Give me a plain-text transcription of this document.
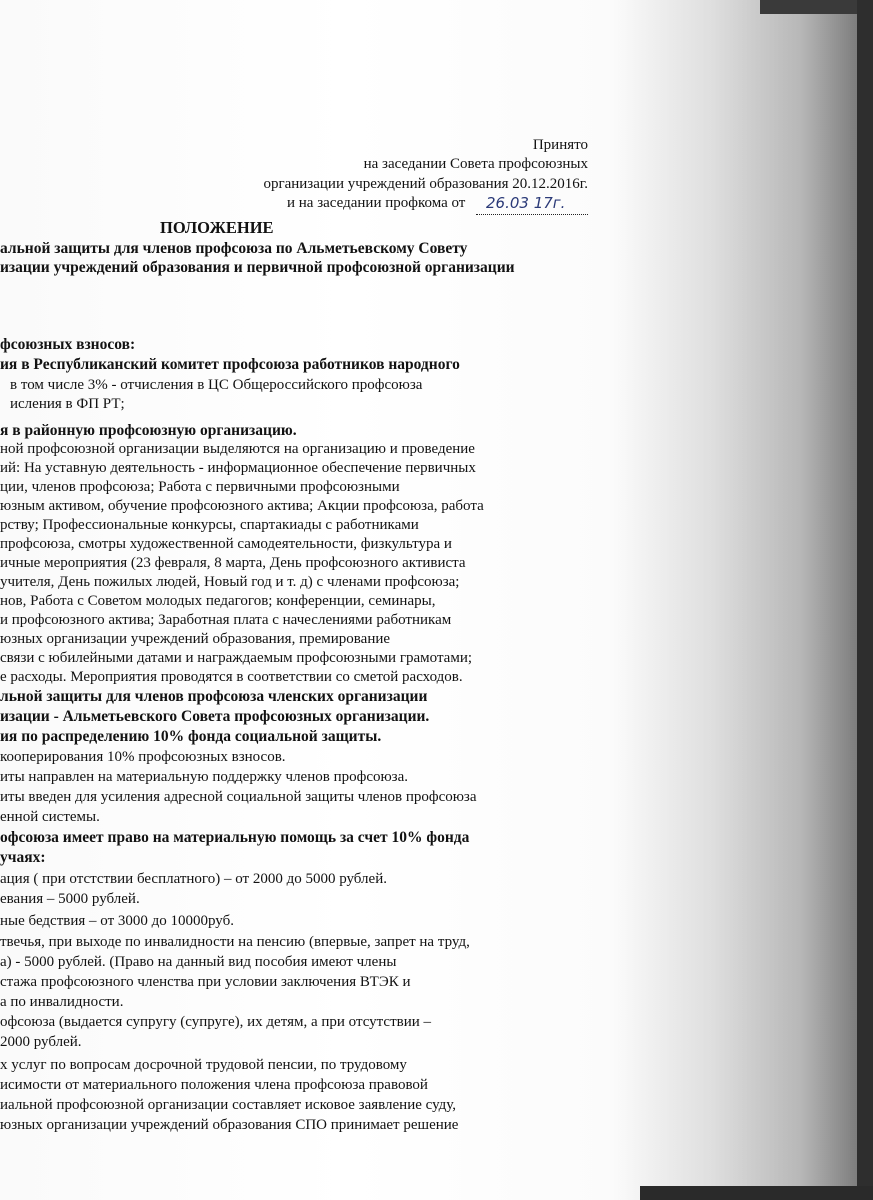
Принято
на заседании Совета профсоюзных
организации учреждений образования 20.12.2016г.
и на заседании профкома от 26.03 17г.
ПОЛОЖЕНИЕ
альной защиты для членов профсоюза по Альметьевскому Совету
изации учреждений образования и первичной профсоюзной организации
фсоюзных взносов:
ия в Республиканский комитет профсоюза работников народного
в том числе 3% - отчисления в ЦС Общероссийского профсоюза
исления в ФП РТ;
я в районную профсоюзную организацию.
ной профсоюзной организации выделяются на организацию и проведение
ий: На уставную деятельность - информационное обеспечение первичных
ции, членов профсоюза; Работа с первичными профсоюзными
юзным активом, обучение профсоюзного актива; Акции профсоюза, работа
рству; Профессиональные конкурсы, спартакиады с работниками
профсоюза, смотры художественной самодеятельности, физкультура и
ичные мероприятия (23 февраля, 8 марта, День профсоюзного активиста
учителя, День пожилых людей, Новый год и т. д) с членами профсоюза;
нов, Работа с Советом молодых педагогов; конференции, семинары,
и профсоюзного актива; Заработная плата с начеслениями работникам
юзных организации учреждений образования, премирование
связи с юбилейными датами и награждаемым профсоюзными грамотами;
е расходы. Мероприятия проводятся в соответствии со сметой расходов.
льной защиты для членов профсоюза членских организации
изации - Альметьевского Совета профсоюзных организации.
ия по распределению 10% фонда социальной защиты.
кооперирования 10% профсоюзных взносов.
иты направлен на материальную поддержку членов профсоюза.
иты введен для усиления адресной социальной защиты членов профсоюза
енной системы.
офсоюза имеет право на материальную помощь за счет 10% фонда
учаях:
ация ( при отстствии бесплатного) – от 2000 до 5000 рублей.
евания – 5000 рублей.
ные бедствия – от 3000 до 10000руб.
твечья, при выходе по инвалидности на пенсию (впервые, запрет на труд,
а) - 5000 рублей. (Право на данный вид пособия имеют члены
стажа профсоюзного членства при условии заключения ВТЭК и
а по инвалидности.
офсоюза (выдается супругу (супруге), их детям, а при отсутствии –
2000 рублей.
х услуг по вопросам досрочной трудовой пенсии, по трудовому
исимости от материального положения члена профсоюза правовой
иальной профсоюзной организации составляет исковое заявление суду,
юзных организации учреждений образования СПО принимает решение
